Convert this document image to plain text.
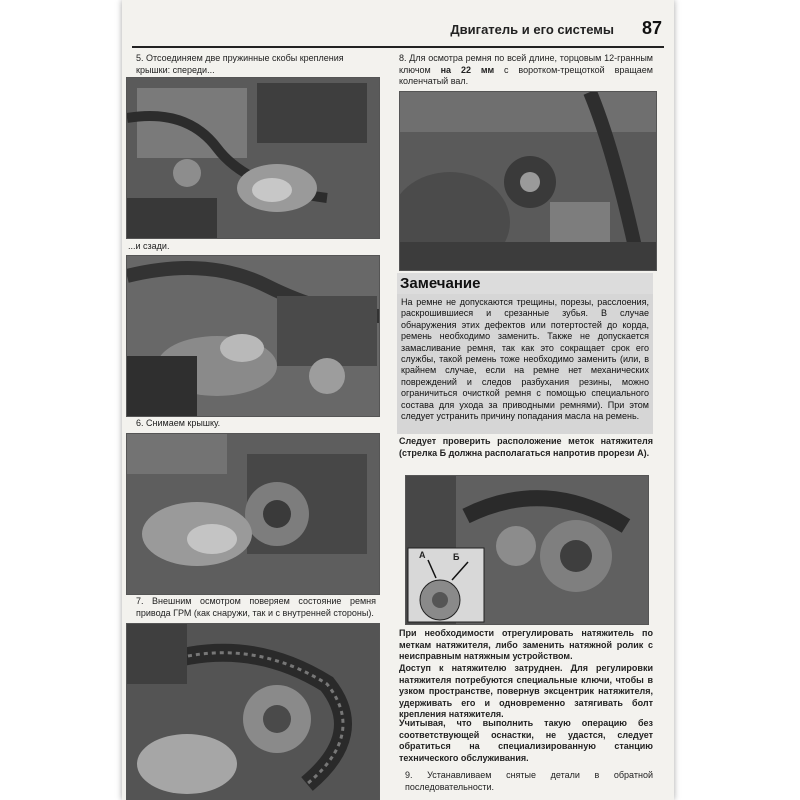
Двигатель и его системы 87
5. Отсоединяем две пружинные скобы крепления крышки: спереди...
...и сзади.
6. Снимаем крышку.
7. Внешним осмотром поверяем состояние ремня привода ГРМ (как снаружи, так и с внутренней стороны).
8. Для осмотра ремня по всей длине, торцовым 12-гранным ключом на 22 мм с воротком-трещоткой вращаем коленчатый вал.
Замечание
На ремне не допускаются трещины, порезы, расслоения, раскрошившиеся и срезанные зубья. В случае обнаружения этих дефектов или потертостей до корда, ремень необходимо заменить. Также не допускается замасливание ремня, так как это сокращает срок его службы, такой ремень тоже необходимо заменить (или, в крайнем случае, если на ремне нет механических повреждений и следов разбухания резины, можно ограничиться очисткой ремня с помощью специального состава для ухода за приводными ремнями). При этом следует устранить причину попадания масла на ремень.
Следует проверить расположение меток натяжителя (стрелка Б должна располагаться напротив прорези А).
А	Б
При необходимости отрегулировать натяжитель по меткам натяжителя, либо заменить натяжной ролик с неисправным натяжным устройством.
Доступ к натяжителю затруднен. Для регулировки натяжителя потребуются специальные ключи, чтобы в узком пространстве, повернув эксцентрик натяжителя, удерживать его и одновременно затягивать болт крепления натяжителя.
Учитывая, что выполнить такую операцию без соответствующей оснастки, не удастся, следует обратиться на специализированную станцию технического обслуживания.
9. Устанавливаем снятые детали в обратной последовательности.
